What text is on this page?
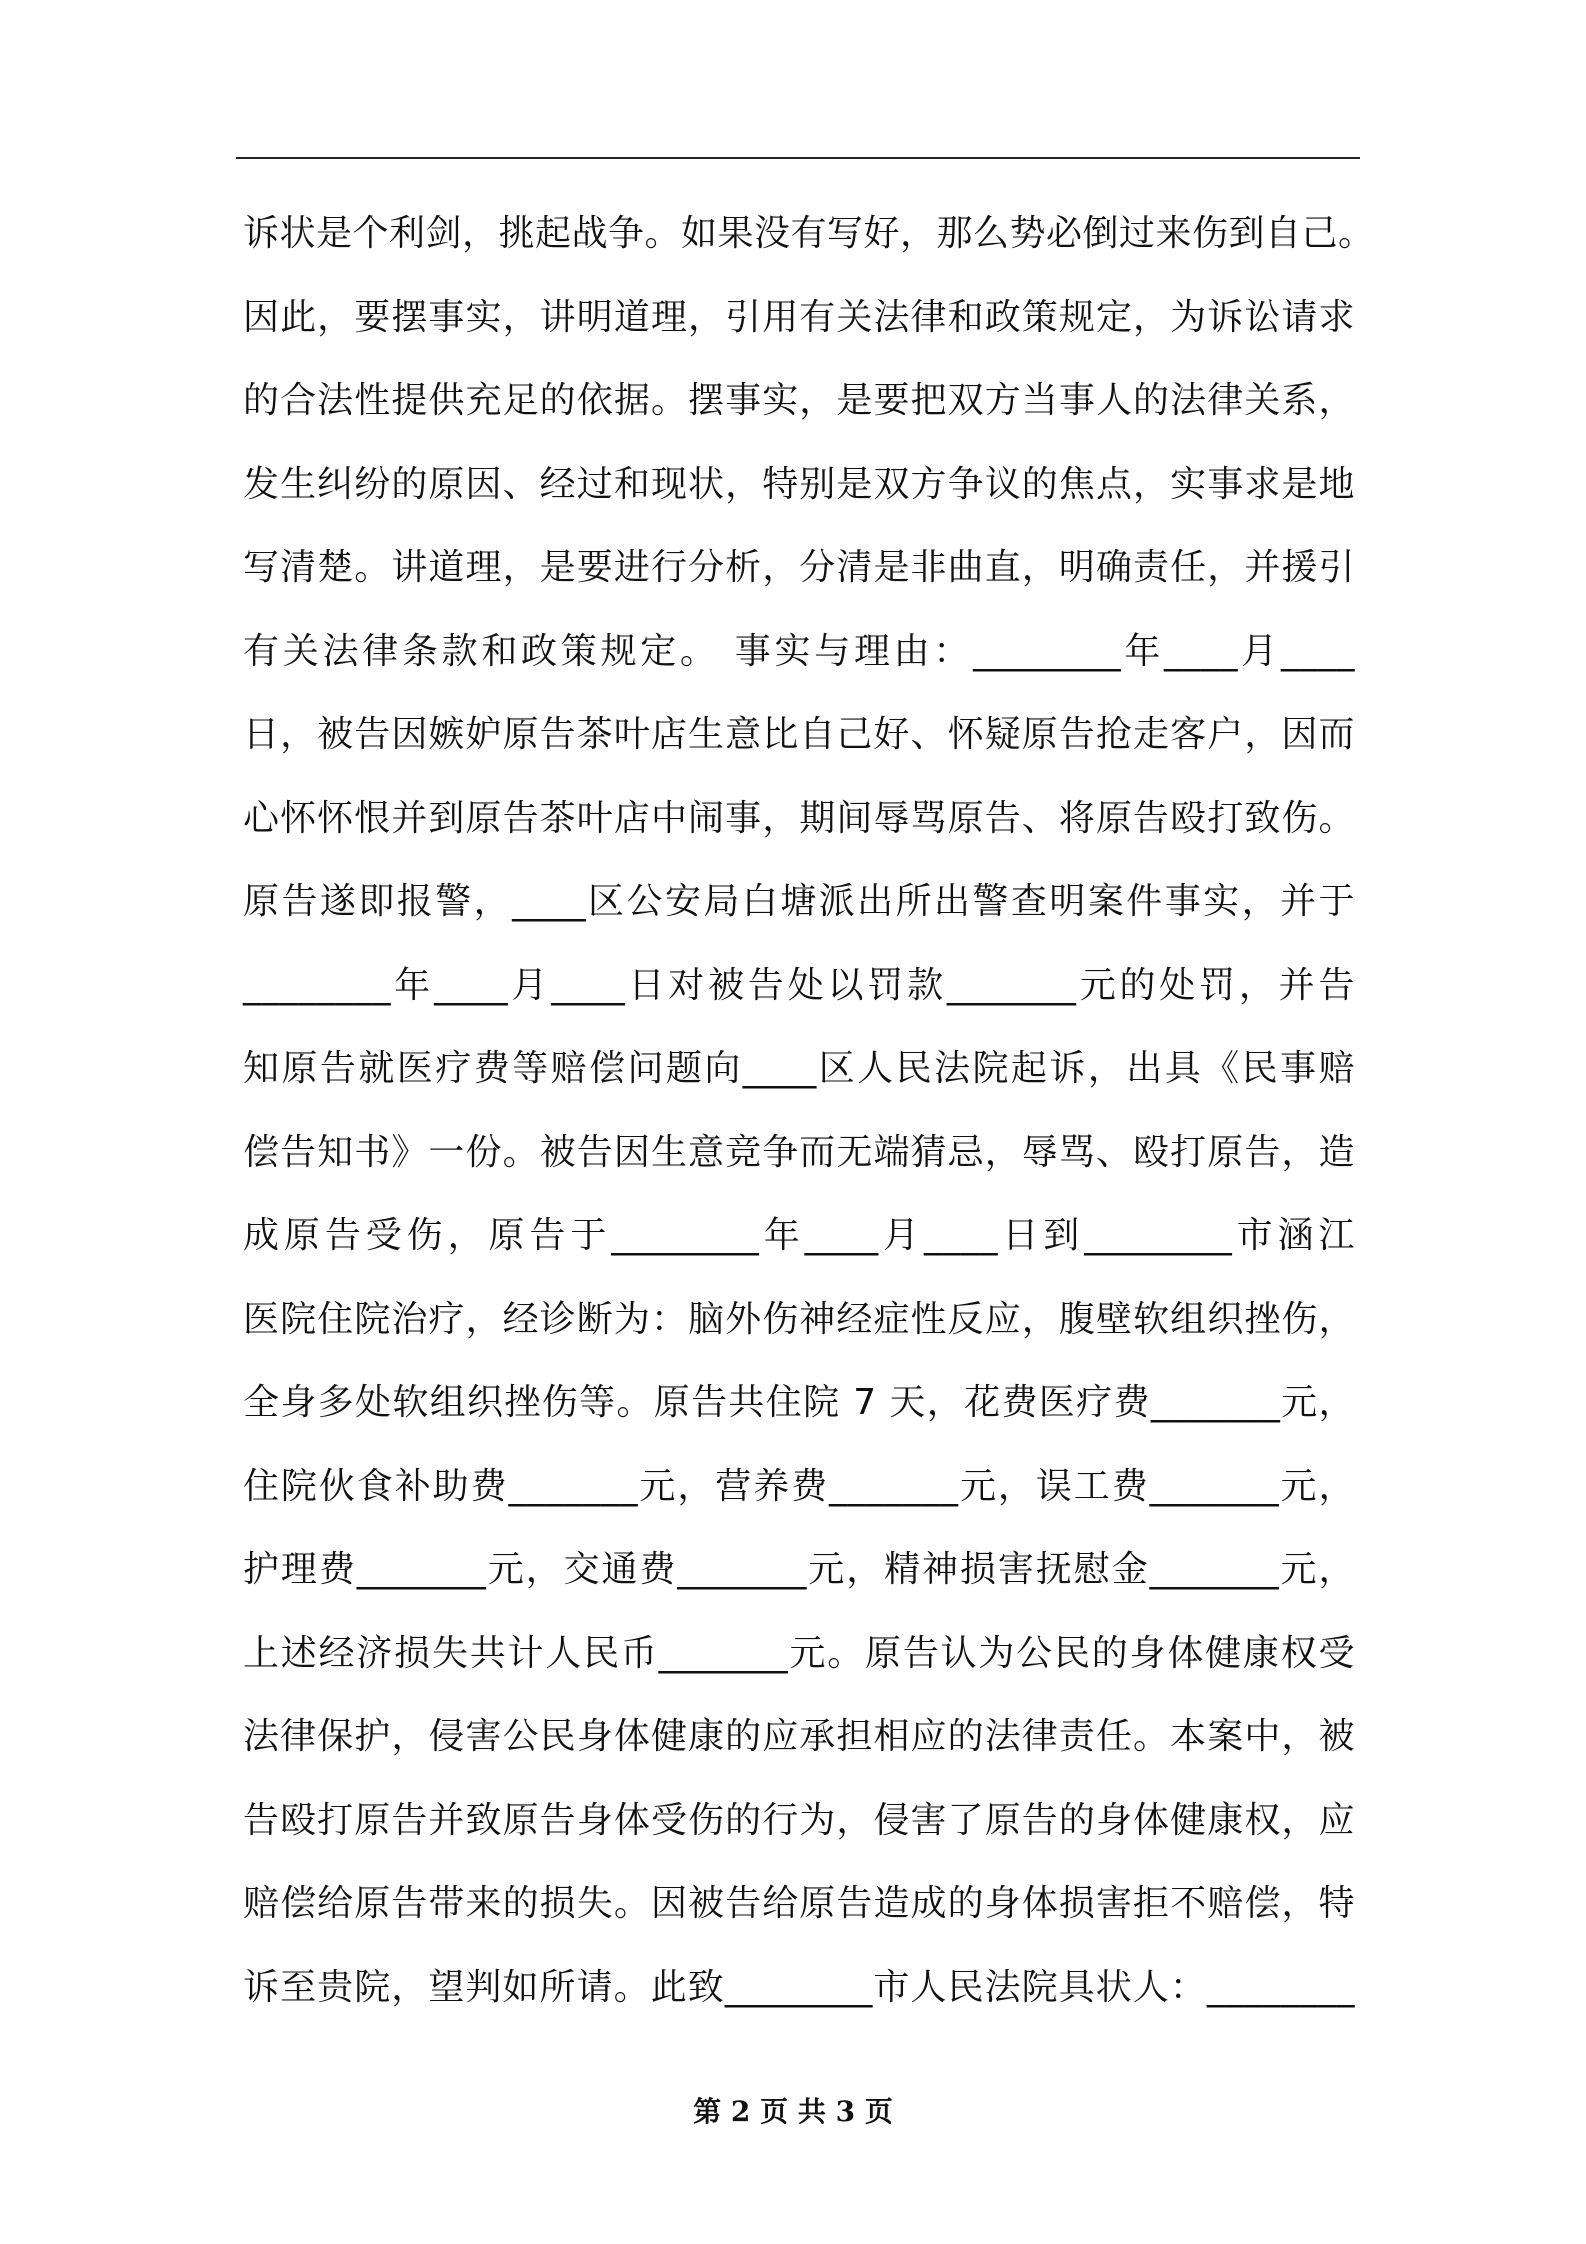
诉状是个利剑，挑起战争。如果没有写好，那么势必倒过来伤到自己。
因此，要摆事实，讲明道理，引用有关法律和政策规定，为诉讼请求
的合法性提供充足的依据。摆事实，是要把双方当事人的法律关系，
发生纠纷的原因、经过和现状，特别是双方争议的焦点，实事求是地
写清楚。讲道理，是要进行分析，分清是非曲直，明确责任，并援引
有关法律条款和政策规定。 事实与理由：________年____月____
日，被告因嫉妒原告茶叶店生意比自己好、怀疑原告抢走客户，因而
心怀怀恨并到原告茶叶店中闹事，期间辱骂原告、将原告殴打致伤。
原告遂即报警，____区公安局白塘派出所出警查明案件事实，并于
________年____月____日对被告处以罚款_______元的处罚，并告
知原告就医疗费等赔偿问题向____区人民法院起诉，出具《民事赔
偿告知书》一份。被告因生意竞争而无端猜忌，辱骂、殴打原告，造
成原告受伤，原告于________年____月____日到________市涵江
医院住院治疗，经诊断为：脑外伤神经症性反应，腹壁软组织挫伤，
全身多处软组织挫伤等。原告共住院 7 天，花费医疗费_______元，
住院伙食补助费_______元，营养费_______元，误工费_______元，
护理费_______元，交通费_______元，精神损害抚慰金_______元，
上述经济损失共计人民币_______元。原告认为公民的身体健康权受
法律保护，侵害公民身体健康的应承担相应的法律责任。本案中，被
告殴打原告并致原告身体受伤的行为，侵害了原告的身体健康权，应
赔偿给原告带来的损失。因被告给原告造成的身体损害拒不赔偿，特
诉至贵院，望判如所请。此致________市人民法院具状人：________
第 2 页 共 3 页
